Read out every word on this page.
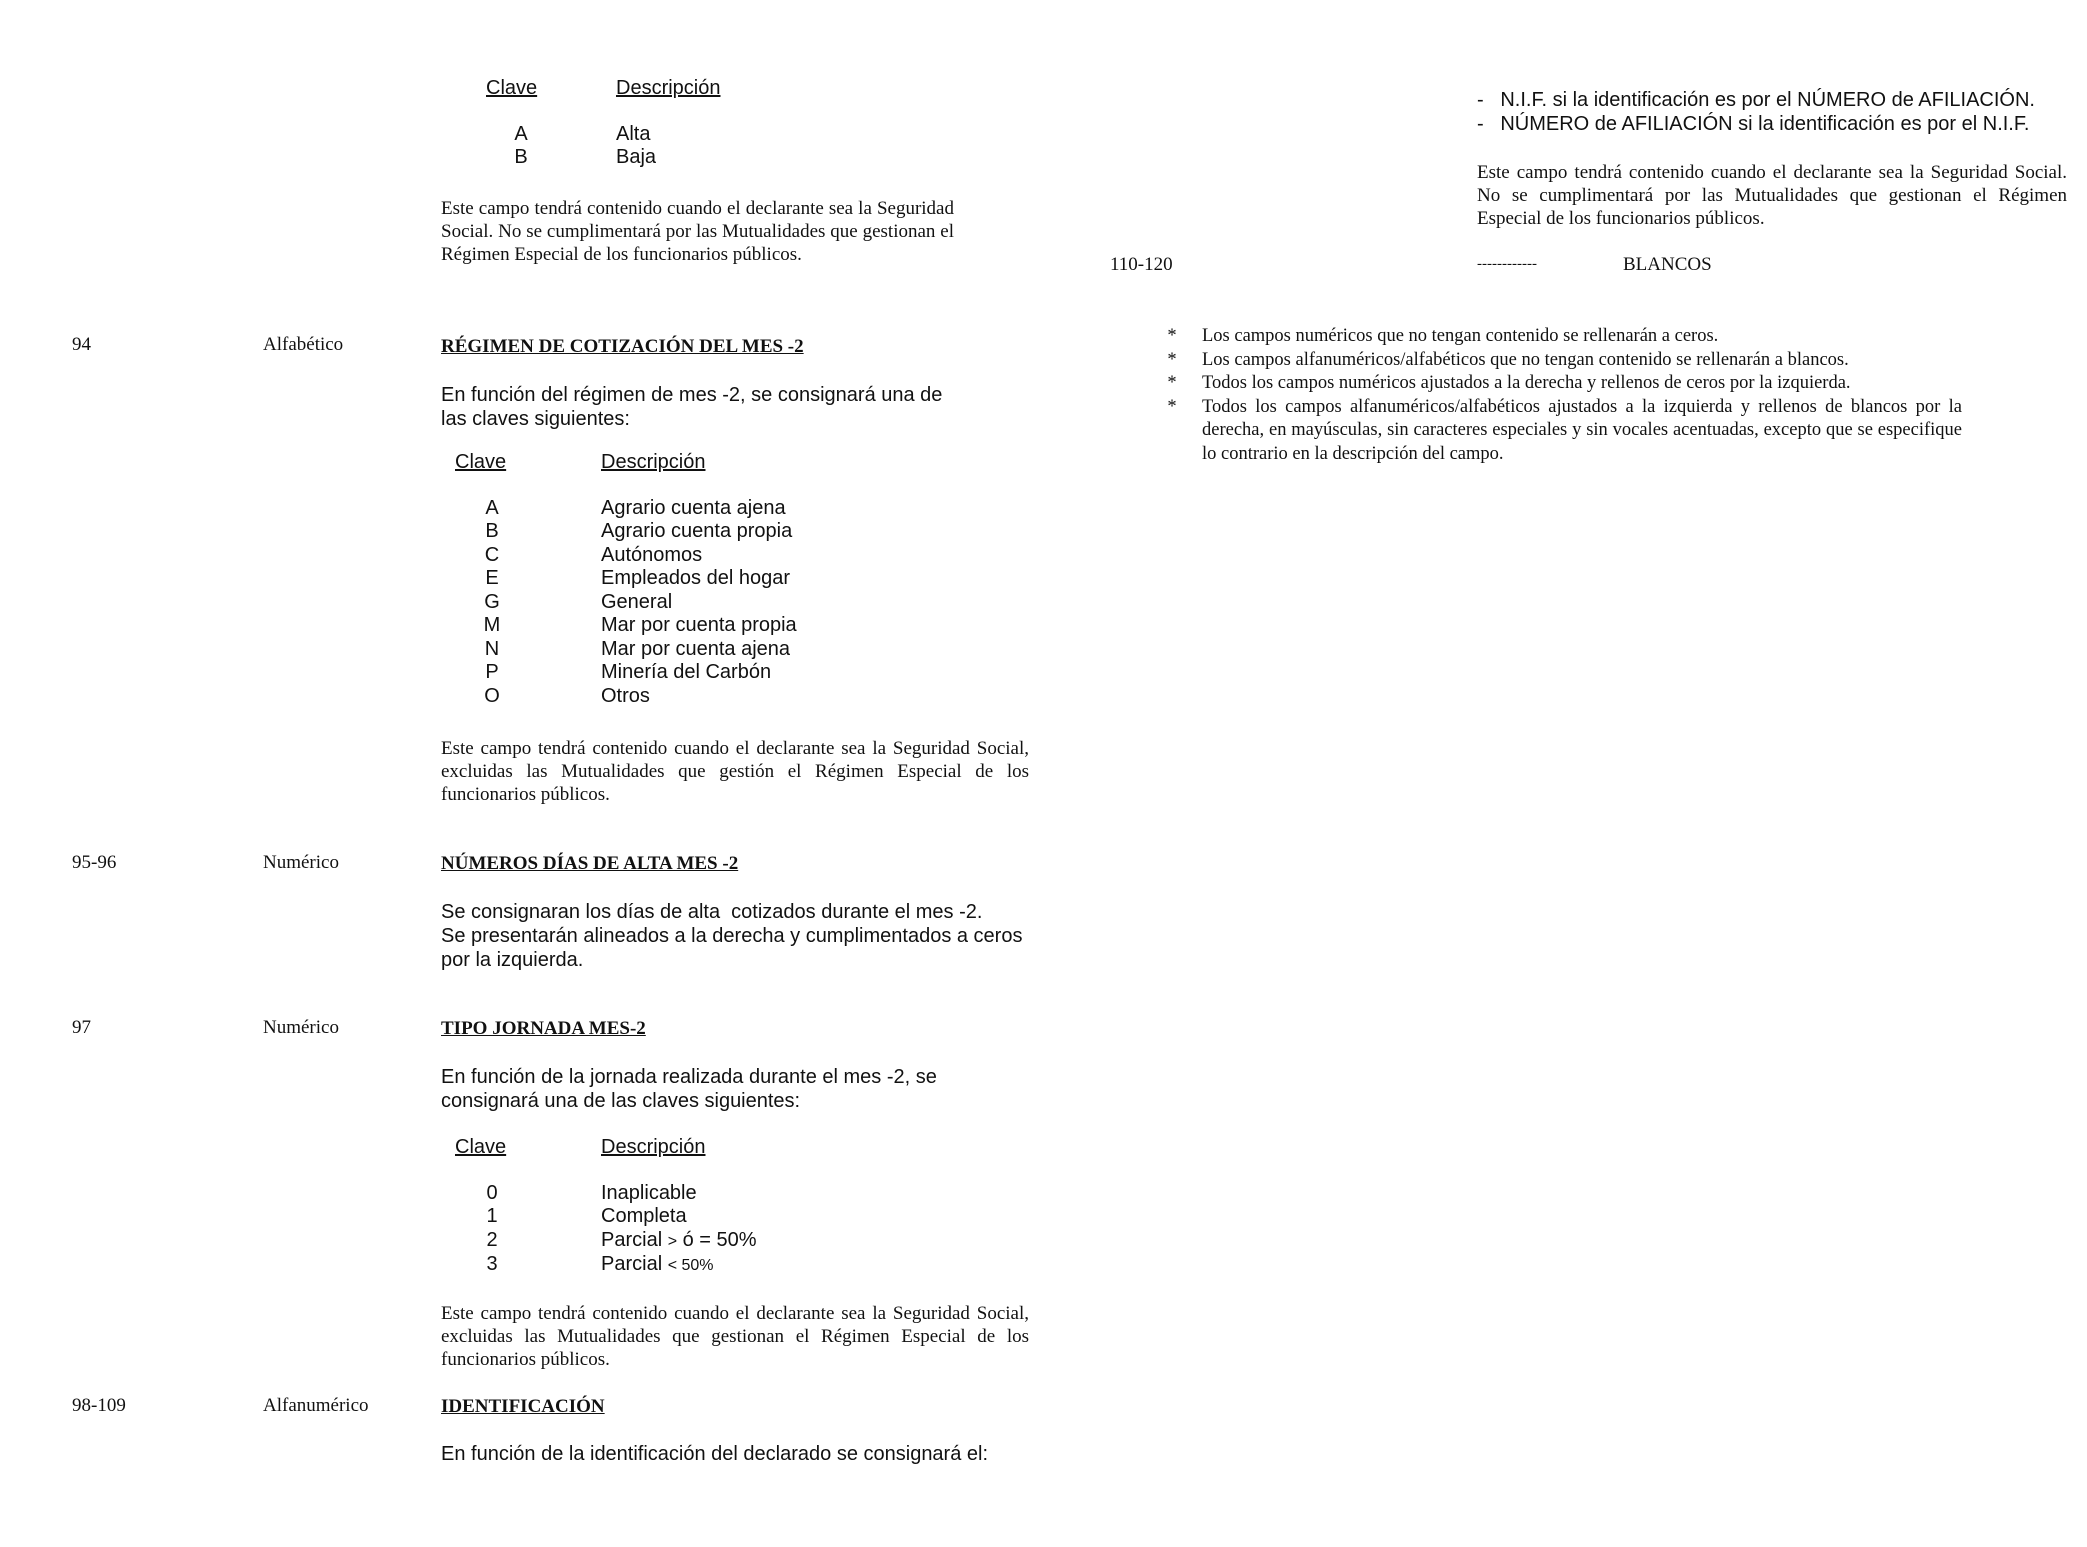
Clave	Descripción
A	Alta
B	Baja
Este campo tendrá contenido cuando el declarante sea la Seguridad Social. No se cumplimentará por las Mutualidades que gestionan el Régimen Especial de los funcionarios públicos.
94	Alfabético	RÉGIMEN DE COTIZACIÓN DEL MES -2
En función del régimen de mes -2, se consignará una de las claves siguientes:
Clave	Descripción
A	Agrario cuenta ajena
B	Agrario cuenta propia
C	Autónomos
E	Empleados del hogar
G	General
M	Mar por cuenta propia
N	Mar por cuenta ajena
P	Minería del Carbón
O	Otros
Este campo tendrá contenido cuando el declarante sea la Seguridad Social, excluidas las Mutualidades que gestión el Régimen Especial de los funcionarios públicos.
95-96	Numérico	NÚMEROS DÍAS DE ALTA MES -2
Se consignaran los días de alta  cotizados durante el mes -2.
Se presentarán alineados a la derecha y cumplimentados a ceros por la izquierda.
97	Numérico	TIPO JORNADA MES-2
En función de la jornada realizada durante el mes -2, se consignará una de las claves siguientes:
Clave	Descripción
0	Inaplicable
1	Completa
2	Parcial > ó = 50%
3	Parcial < 50%
Este campo tendrá contenido cuando el declarante sea la Seguridad Social, excluidas las Mutualidades que gestionan el Régimen Especial de los funcionarios públicos.
98-109	Alfanumérico	IDENTIFICACIÓN
En función de la identificación del declarado se consignará el:
- N.I.F. si la identificación es por el NÚMERO de AFILIACIÓN.
- NÚMERO de AFILIACIÓN si la identificación es por el N.I.F.
Este campo tendrá contenido cuando el declarante sea la Seguridad Social. No se cumplimentará por las Mutualidades que gestionan el Régimen Especial de los funcionarios públicos.
110-120	------------	BLANCOS
*	Los campos numéricos que no tengan contenido se rellenarán a ceros.
*	Los campos alfanuméricos/alfabéticos que no tengan contenido se rellenarán a blancos.
*	Todos los campos numéricos ajustados a la derecha y rellenos de ceros por la izquierda.
*	Todos los campos alfanuméricos/alfabéticos ajustados a la izquierda y rellenos de blancos por la derecha, en mayúsculas, sin caracteres especiales y sin vocales acentuadas, excepto que se especifique lo contrario en la descripción del campo.
